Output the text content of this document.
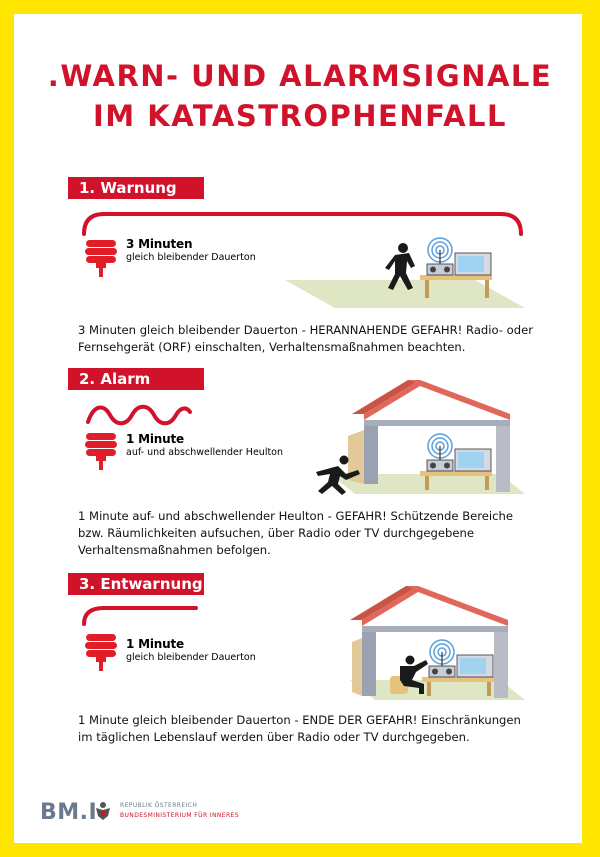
.WARN- UND ALARMSIGNALE
IM KATASTROPHENFALL
1. Warnung
3 Minuten
gleich bleibender Dauerton
3 Minuten gleich bleibender Dauerton - HERANNAHENDE GEFAHR! Radio- oder Fernsehgerät (ORF) einschalten, Verhaltensmaßnahmen beachten.
2. Alarm
1 Minute
auf- und abschwellender Heulton
1 Minute auf- und abschwellender Heulton - GEFAHR! Schützende Bereiche bzw. Räumlichkeiten aufsuchen, über Radio oder TV durchgegebene Verhaltensmaßnahmen befolgen.
3. Entwarnung
1 Minute
gleich bleibender Dauerton
1 Minute gleich bleibender Dauerton - ENDE DER GEFAHR! Einschränkungen im täglichen Lebenslauf werden über Radio oder TV durchgegeben.
BM.I	REPUBLIK ÖSTERREICH
BUNDESMINISTERIUM FÜR INNERES
